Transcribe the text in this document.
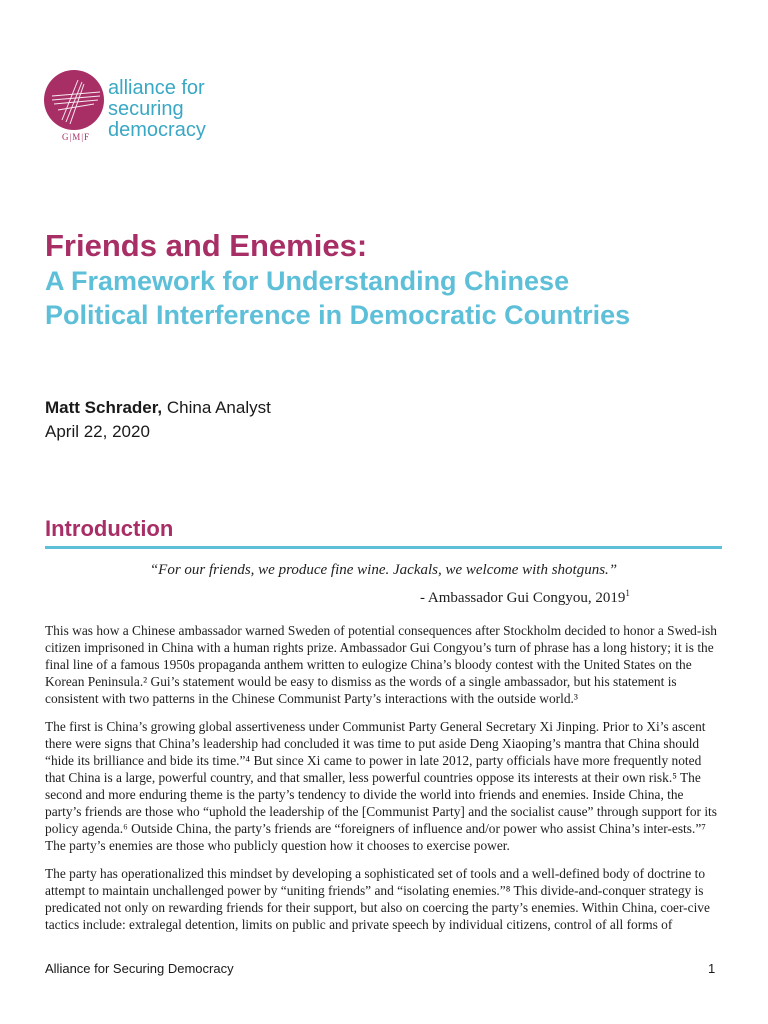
G|M|F
alliance for
securing
democracy
Friends and Enemies:
A Framework for Understanding Chinese
Political Interference in Democratic Countries
Matt Schrader, China Analyst
April 22, 2020
Introduction
“For our friends, we produce fine wine. Jackals, we welcome with shotguns.”
- Ambassador Gui Congyou, 2019$^1$

This was how a Chinese ambassador warned Sweden of potential consequences after Stockholm decided to honor a Swed-ish citizen imprisoned in China with a human rights prize. Ambassador Gui Congyou’s turn of phrase has a long history; it is the final line of a famous 1950s propaganda anthem written to eulogize China’s bloody contest with the United States on the Korean Peninsula.² Gui’s statement would be easy to dismiss as the words of a single ambassador, but his statement is consistent with two patterns in the Chinese Communist Party’s interactions with the outside world.³

The first is China’s growing global assertiveness under Communist Party General Secretary Xi Jinping. Prior to Xi’s ascent there were signs that China’s leadership had concluded it was time to put aside Deng Xiaoping’s mantra that China should “hide its brilliance and bide its time.”⁴ But since Xi came to power in late 2012, party officials have more frequently noted that China is a large, powerful country, and that smaller, less powerful countries oppose its interests at their own risk.⁵ The second and more enduring theme is the party’s tendency to divide the world into friends and enemies. Inside China, the party’s friends are those who “uphold the leadership of the [Communist Party] and the socialist cause” through support for its policy agenda.⁶ Outside China, the party’s friends are “foreigners of influence and/or power who assist China’s inter-ests.”⁷ The party’s enemies are those who publicly question how it chooses to exercise power.

The party has operationalized this mindset by developing a sophisticated set of tools and a well-defined body of doctrine to attempt to maintain unchallenged power by “uniting friends” and “isolating enemies.”⁸ This divide-and-conquer strategy is predicated not only on rewarding friends for their support, but also on coercing the party’s enemies. Within China, coer-cive tactics include: extralegal detention, limits on public and private speech by individual citizens, control of all forms of

Alliance for Securing Democracy	1
